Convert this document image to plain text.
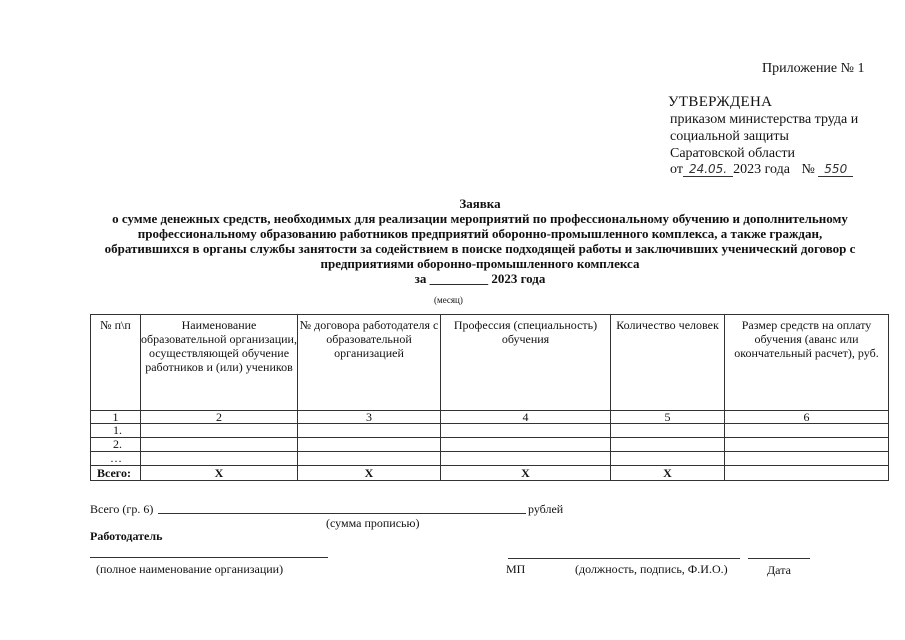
Приложение № 1
УТВЕРЖДЕНА
приказом министерства труда и
социальной защиты
Саратовской области
от 24.05. 2023 года № 550
Заявка
о сумме денежных средств, необходимых для реализации мероприятий по профессиональному обучению и дополнительному
профессиональному образованию работников предприятий оборонно-промышленного комплекса, а также граждан,
обратившихся в органы службы занятости за содействием в поиске подходящей работы и заключивших ученический договор с
предприятиями оборонно-промышленного комплекса
за _________ 2023 года
(месяц)
№ п\п	Наименование образовательной организации, осуществляющей обучение работников и (или) учеников	№ договора работодателя с образовательной организацией	Профессия (специальность) обучения	Количество человек	Размер средств на оплату обучения (аванс или окончательный расчет), руб.
1	2	3	4	5	6
1.					
2.					
…					
Всего:	Х	Х	Х	Х	
Всего (гр. 6)	рублей
(сумма прописью)
Работодатель
(полное наименование организации)	МП	(должность, подпись, Ф.И.О.)	Дата
